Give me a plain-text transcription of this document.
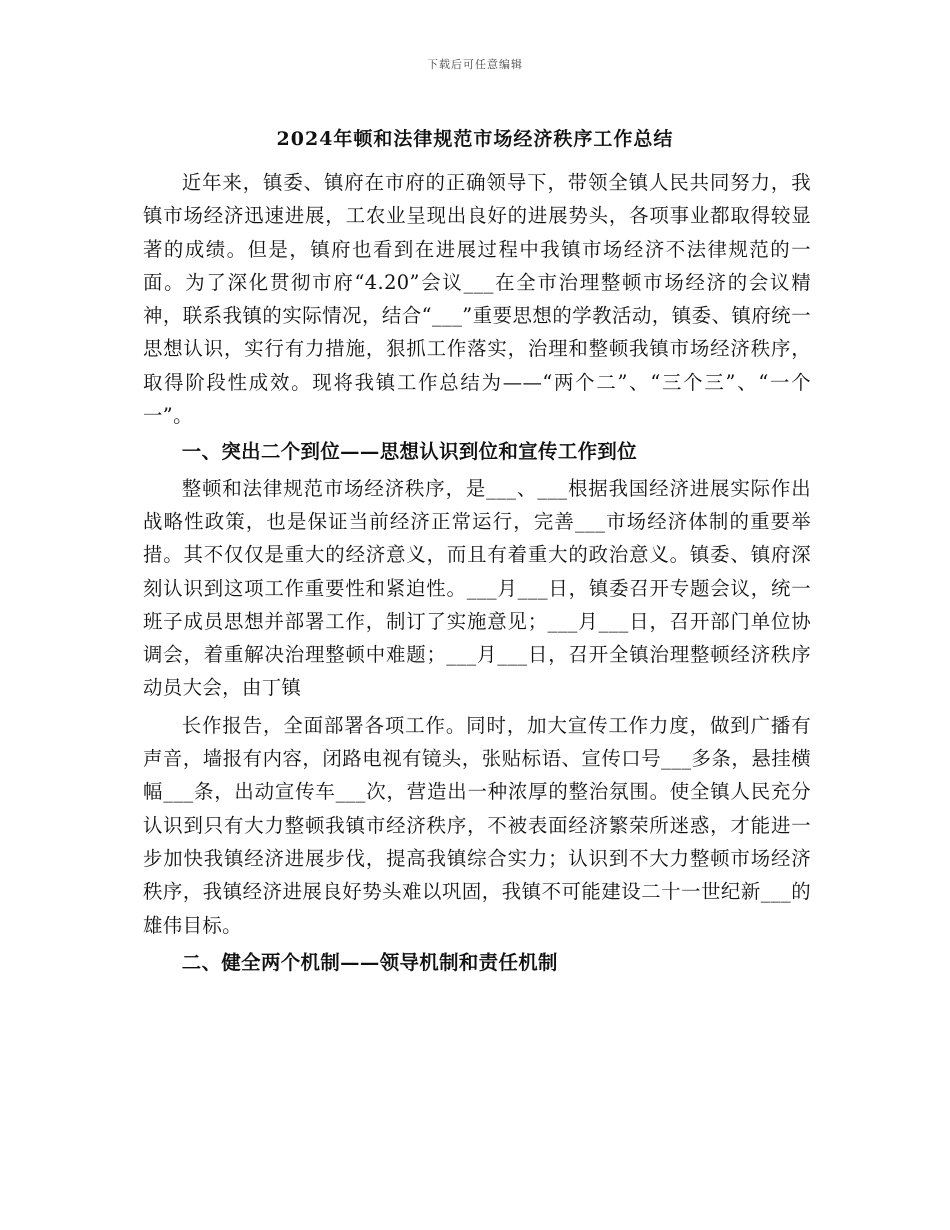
下载后可任意编辑
2024年顿和法律规范市场经济秩序工作总结

近年来，镇委、镇府在市府的正确领导下，带领全镇人民共同努力，我镇市场经济迅速进展，工农业呈现出良好的进展势头，各项事业都取得较显著的成绩。但是，镇府也看到在进展过程中我镇市场经济不法律规范的一面。为了深化贯彻市府“4.20”会议___在全市治理整顿市场经济的会议精神，联系我镇的实际情况，结合“___”重要思想的学教活动，镇委、镇府统一思想认识，实行有力措施，狠抓工作落实，治理和整顿我镇市场经济秩序，取得阶段性成效。现将我镇工作总结为——“两个二”、“三个三”、“一个一”。

一、突出二个到位——思想认识到位和宣传工作到位

整顿和法律规范市场经济秩序，是___、___根据我国经济进展实际作出战略性政策，也是保证当前经济正常运行，完善___市场经济体制的重要举措。其不仅仅是重大的经济意义，而且有着重大的政治意义。镇委、镇府深刻认识到这项工作重要性和紧迫性。___月___日，镇委召开专题会议，统一班子成员思想并部署工作，制订了实施意见；___月___日，召开部门单位协调会，着重解决治理整顿中难题；___月___日，召开全镇治理整顿经济秩序动员大会，由丁镇

长作报告，全面部署各项工作。同时，加大宣传工作力度，做到广播有声音，墙报有内容，闭路电视有镜头，张贴标语、宣传口号___多条，悬挂横幅___条，出动宣传车___次，营造出一种浓厚的整治氛围。使全镇人民充分认识到只有大力整顿我镇市经济秩序，不被表面经济繁荣所迷惑，才能进一步加快我镇经济进展步伐，提高我镇综合实力；认识到不大力整顿市场经济秩序，我镇经济进展良好势头难以巩固，我镇不可能建设二十一世纪新___的雄伟目标。

二、健全两个机制——领导机制和责任机制
